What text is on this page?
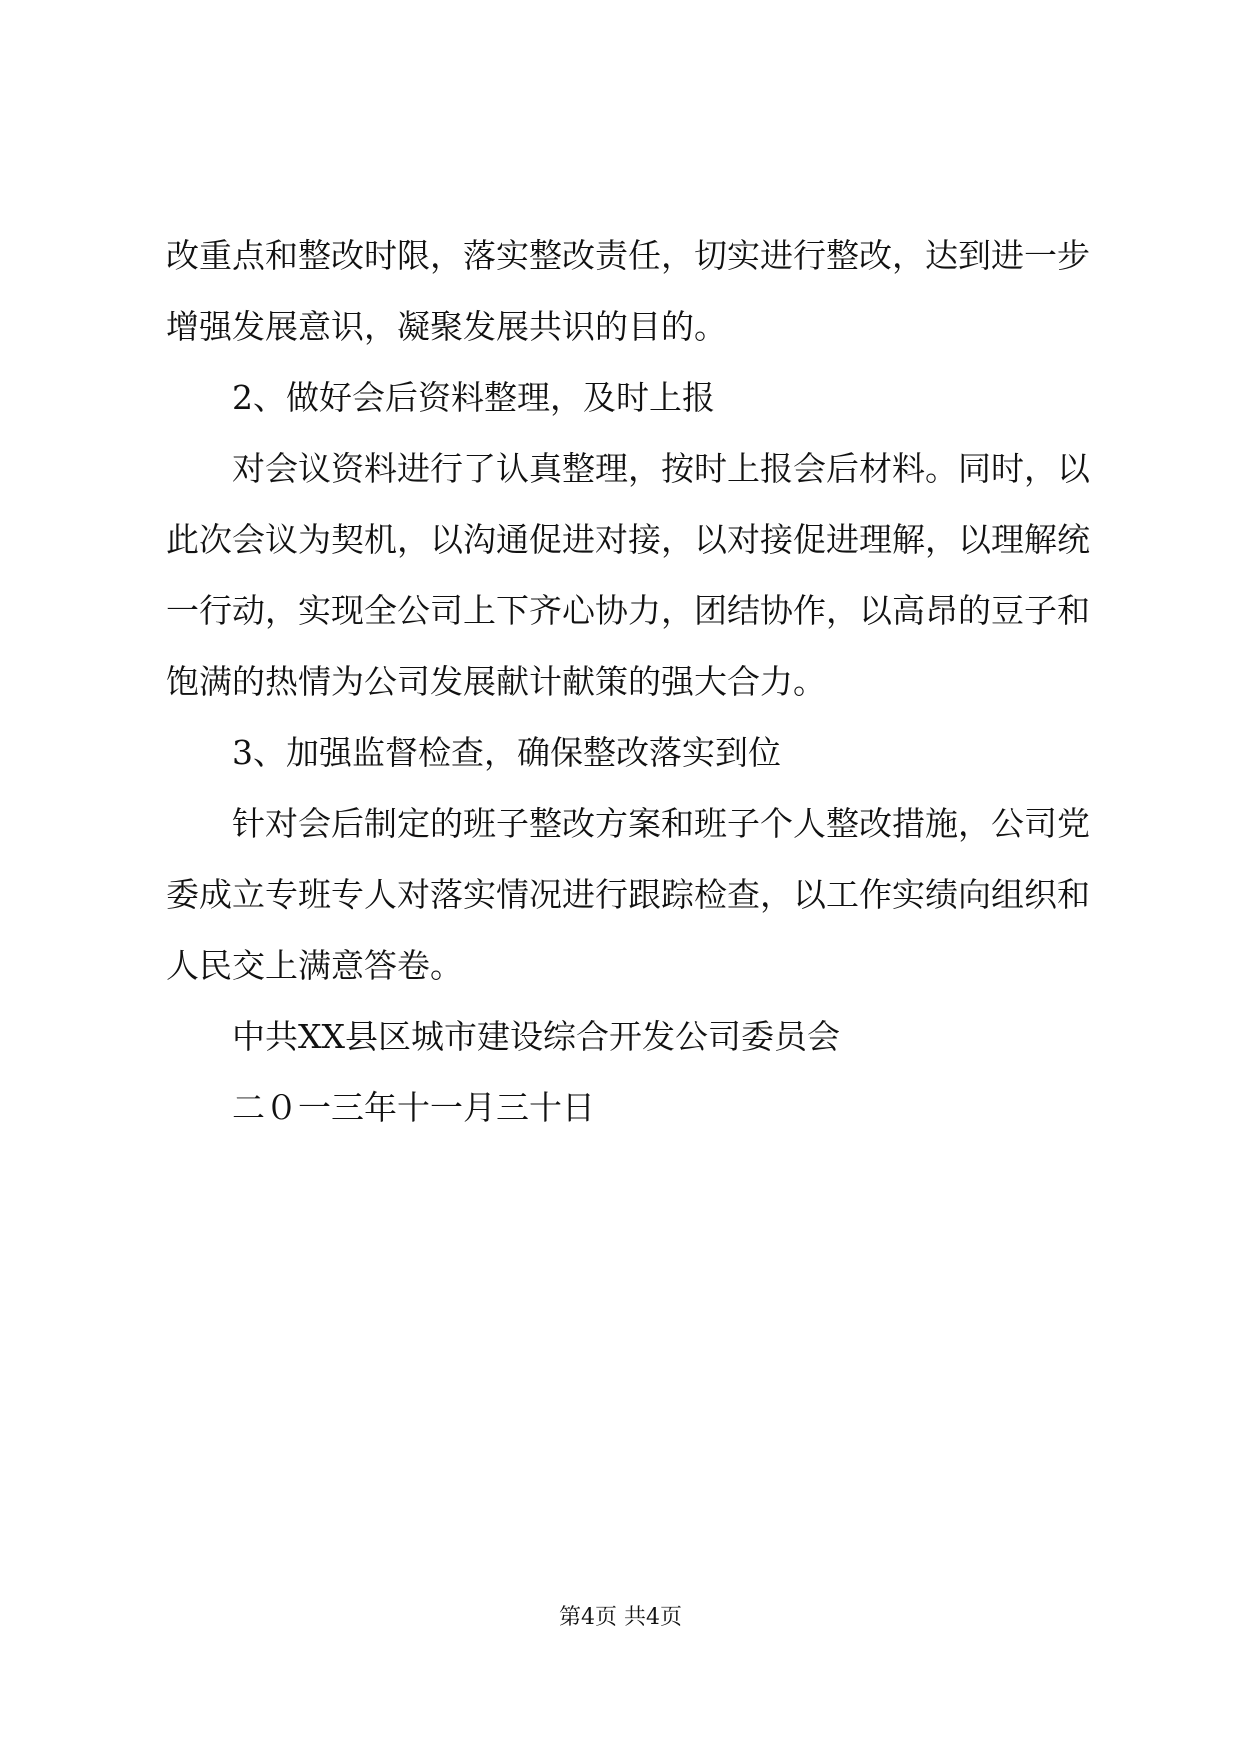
改重点和整改时限，落实整改责任，切实进行整改，达到进一步
增强发展意识，凝聚发展共识的目的。
2、做好会后资料整理，及时上报
对会议资料进行了认真整理，按时上报会后材料。同时，以
此次会议为契机，以沟通促进对接，以对接促进理解，以理解统
一行动，实现全公司上下齐心协力，团结协作，以高昂的豆子和
饱满的热情为公司发展献计献策的强大合力。
3、加强监督检查，确保整改落实到位
针对会后制定的班子整改方案和班子个人整改措施，公司党
委成立专班专人对落实情况进行跟踪检查，以工作实绩向组织和
人民交上满意答卷。
中共XX县区城市建设综合开发公司委员会
二０一三年十一月三十日
第4页 共4页
